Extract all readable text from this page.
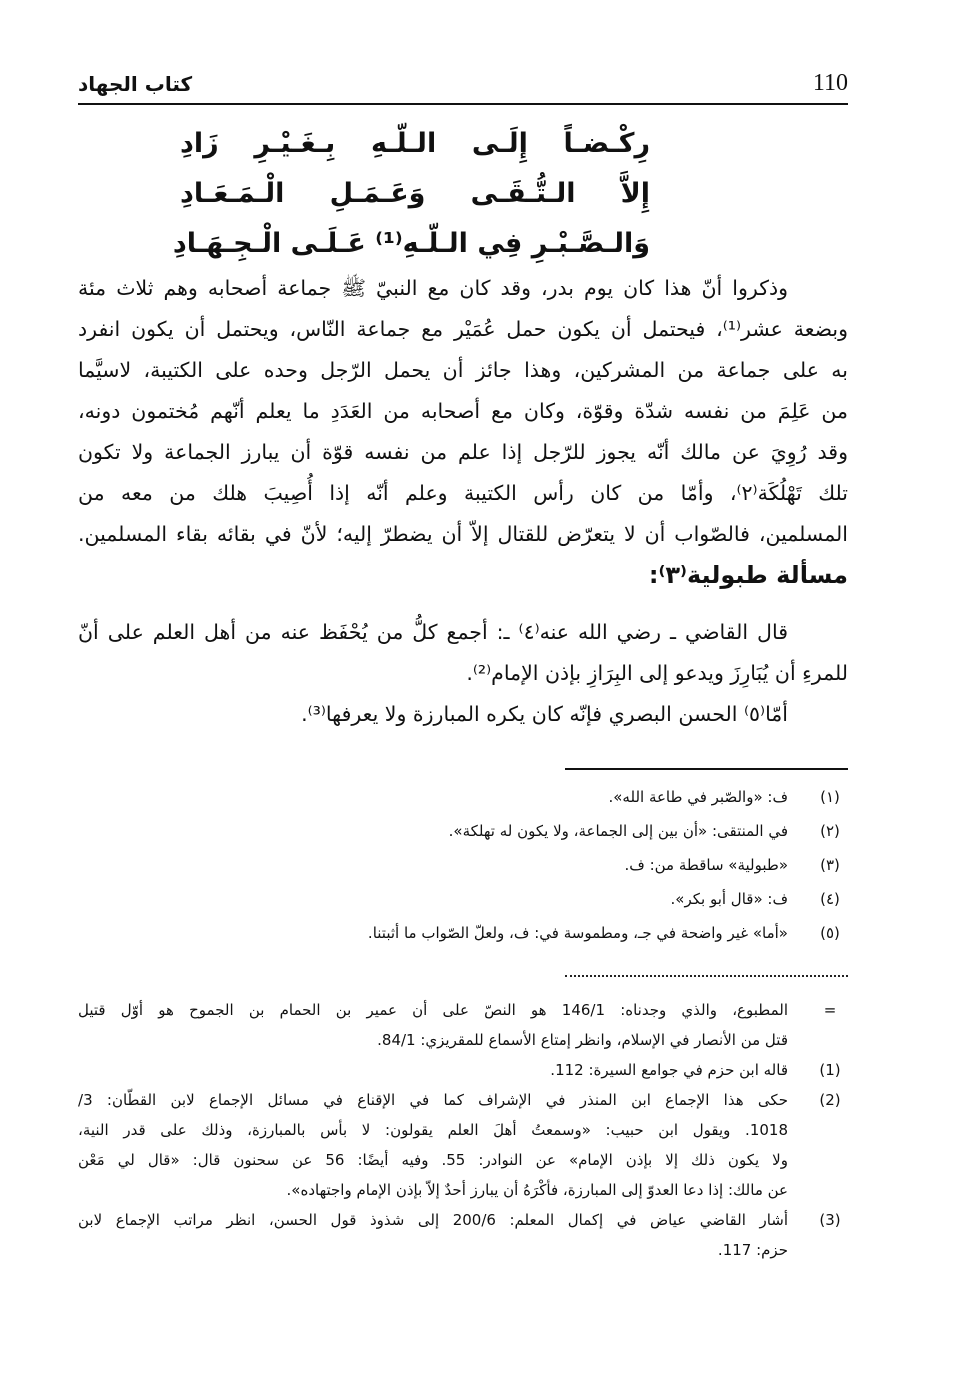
110
كتاب الجهاد
رِكْـضـاً إِلَـى الـلّـهِ بِـغَـيْـرِ زَادِ
إِلاَّ الـتُّـقَـى وَعَـمَـلِ الْـمَـعَـادِ
وَالـصَّـبْـرِ فِي الـلّـهِ⁽¹⁾ عَـلَـى الْـجِـهَـادِ
وذكروا أنّ هذا كان يوم بدر، وقد كان مع النبيّ ﷺ جماعة أصحابه وهم ثلاث مئة
وبضعة عشر⁽¹⁾، فيحتمل أن يكون حمل عُمَيْر مع جماعة النّاس، ويحتمل أن يكون انفرد
به على جماعة من المشركين، وهذا جائز أن يحمل الرّجل وحده على الكتيبة، لاسيَّما
من عَلِمَ من نفسه شدّة وقوّة، وكان مع أصحابه من العَدَدِ ما يعلم أنّهم مُختمون دونه،
وقد رُوِيَ عن مالك أنّه يجوز للرّجل إذا علم من نفسه قوّة أن يبارز الجماعة ولا تكون
تلك تَهْلُكَة⁽٢⁾، وأمّا من كان رأس الكتيبة وعلم أنّه إذا أُصِيبَ هلك من معه من
المسلمين، فالصّواب أن لا يتعرّض للقتال إلاّ أن يضطرّ إليه؛ لأنّ في بقائه بقاء المسلمين.
مسألة طبولية⁽٣⁾:
قال القاضي ـ رضي الله عنه⁽٤⁾ ـ: أجمع كلُّ من يُحْفَظ عنه من أهل العلم على أنّ
للمرءِ أن يُبَارِزَ ويدعو إلى البِرَازِ بإذن الإمام⁽²⁾.
أمّا⁽٥⁾ الحسن البصري فإنّه كان يكره المبارزة ولا يعرفها⁽³⁾.
(١)
ف: «والصّبر في طاعة الله».
(٢)
في المنتقى: «أن بين إلى الجماعة، ولا يكون له تهلكة».
(٣)
«طبولية» ساقطة من: ف.
(٤)
ف: «قال أبو بكر».
(٥)
«أما» غير واضحة في جـ، ومطموسة في: ف، ولعلّ الصّواب ما أثبتنا.
=
المطبوع، والذي وجدناه: 146/1 هو النصّ على أن عمير بن الحمام بن الجموح هو أوّل قتيل
قتل من الأنصار في الإسلام، وانظر إمتاع الأسماع للمقريزي: 84/1.
(1)
قاله ابن حزم في جوامع السيرة: 112.
(2)
حكى هذا الإجماع ابن المنذر في الإشراف كما في الإقناع في مسائل الإجماع لابن القطّان: 3/
1018. ويقول ابن حبيب: «وسمعتُ أهلَ العلم يقولون: لا بأس بالمبارزة، وذلك على قدر النية،
ولا يكون ذلك إلا بإذن الإمام» عن النوادر: 55. وفيه أيضًا: 56 عن سحنون قال: «قال لي مَعْن
عن مالك: إذا دعا العدوّ إلى المبارزة، فأكْرَهُ أن يبارز أحدٌ إلاّ بإذن الإمام واجتهاده».
(3)
أشار القاضي عياض في إكمال المعلم: 200/6 إلى شذوذ قول الحسن، انظر مراتب الإجماع لابن
حزم: 117.
